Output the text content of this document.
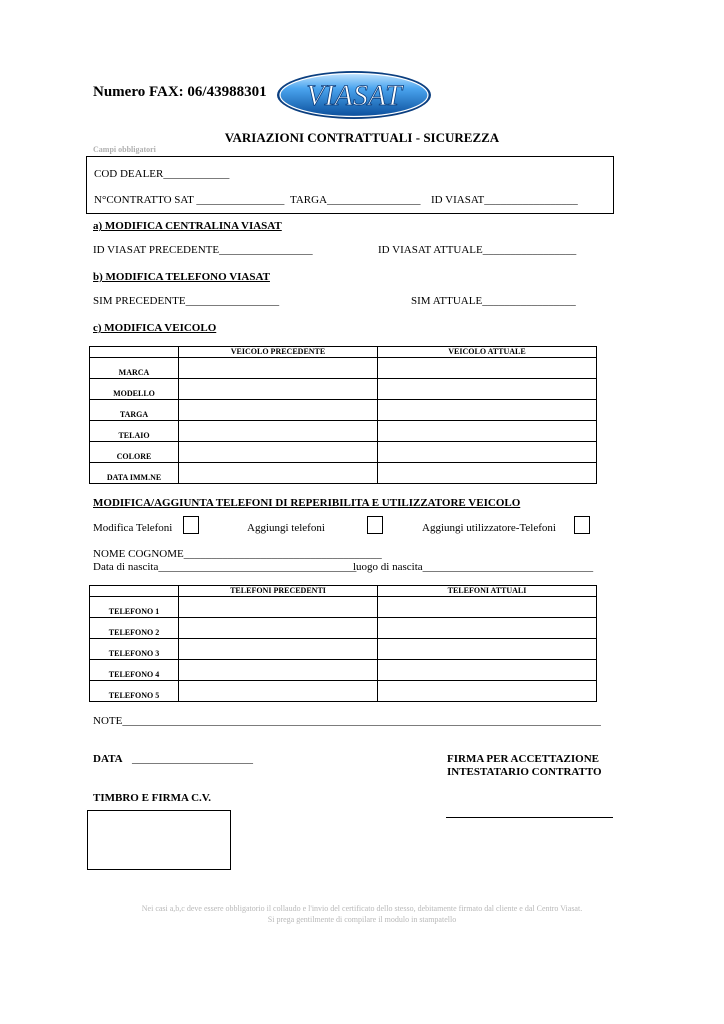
Numero FAX: 06/43988301 VIASAT
VARIAZIONI CONTRATTUALI - SICUREZZA
Campi obbligatori
COD DEALER____________
N°CONTRATTO SAT ________________ TARGA_________________ ID VIASAT_________________
a) MODIFICA CENTRALINA VIASAT
ID VIASAT PRECEDENTE_________________	ID VIASAT ATTUALE_________________
b) MODIFICA TELEFONO VIASAT
SIM PRECEDENTE_________________	SIM ATTUALE_________________
c) MODIFICA VEICOLO
	VEICOLO PRECEDENTE	VEICOLO ATTUALE
MARCA		
MODELLO		
TARGA		
TELAIO		
COLORE		
DATA IMM.NE		
MODIFICA/AGGIUNTA TELEFONI DI REPERIBILITA E UTILIZZATORE VEICOLO
Modifica Telefoni	Aggiungi telefoni	Aggiungi utilizzatore-Telefoni
NOME COGNOME____________________________________
Data di nascita____________________________________
luogo di nascita_______________________________
	TELEFONI PRECEDENTI	TELEFONI ATTUALI
TELEFONO 1		
TELEFONO 2		
TELEFONO 3		
TELEFONO 4		
TELEFONO 5		
NOTE_______________________________________________________________________________________
DATA ______________________	FIRMA PER ACCETTAZIONE
INTESTATARIO CONTRATTO
TIMBRO E FIRMA C.V.
Nei casi a,b,c deve essere obbligatorio il collaudo e l'invio del certificato dello stesso, debitamente firmato dal cliente e dal Centro Viasat.
Si prega gentilmente di compilare il modulo in stampatello
